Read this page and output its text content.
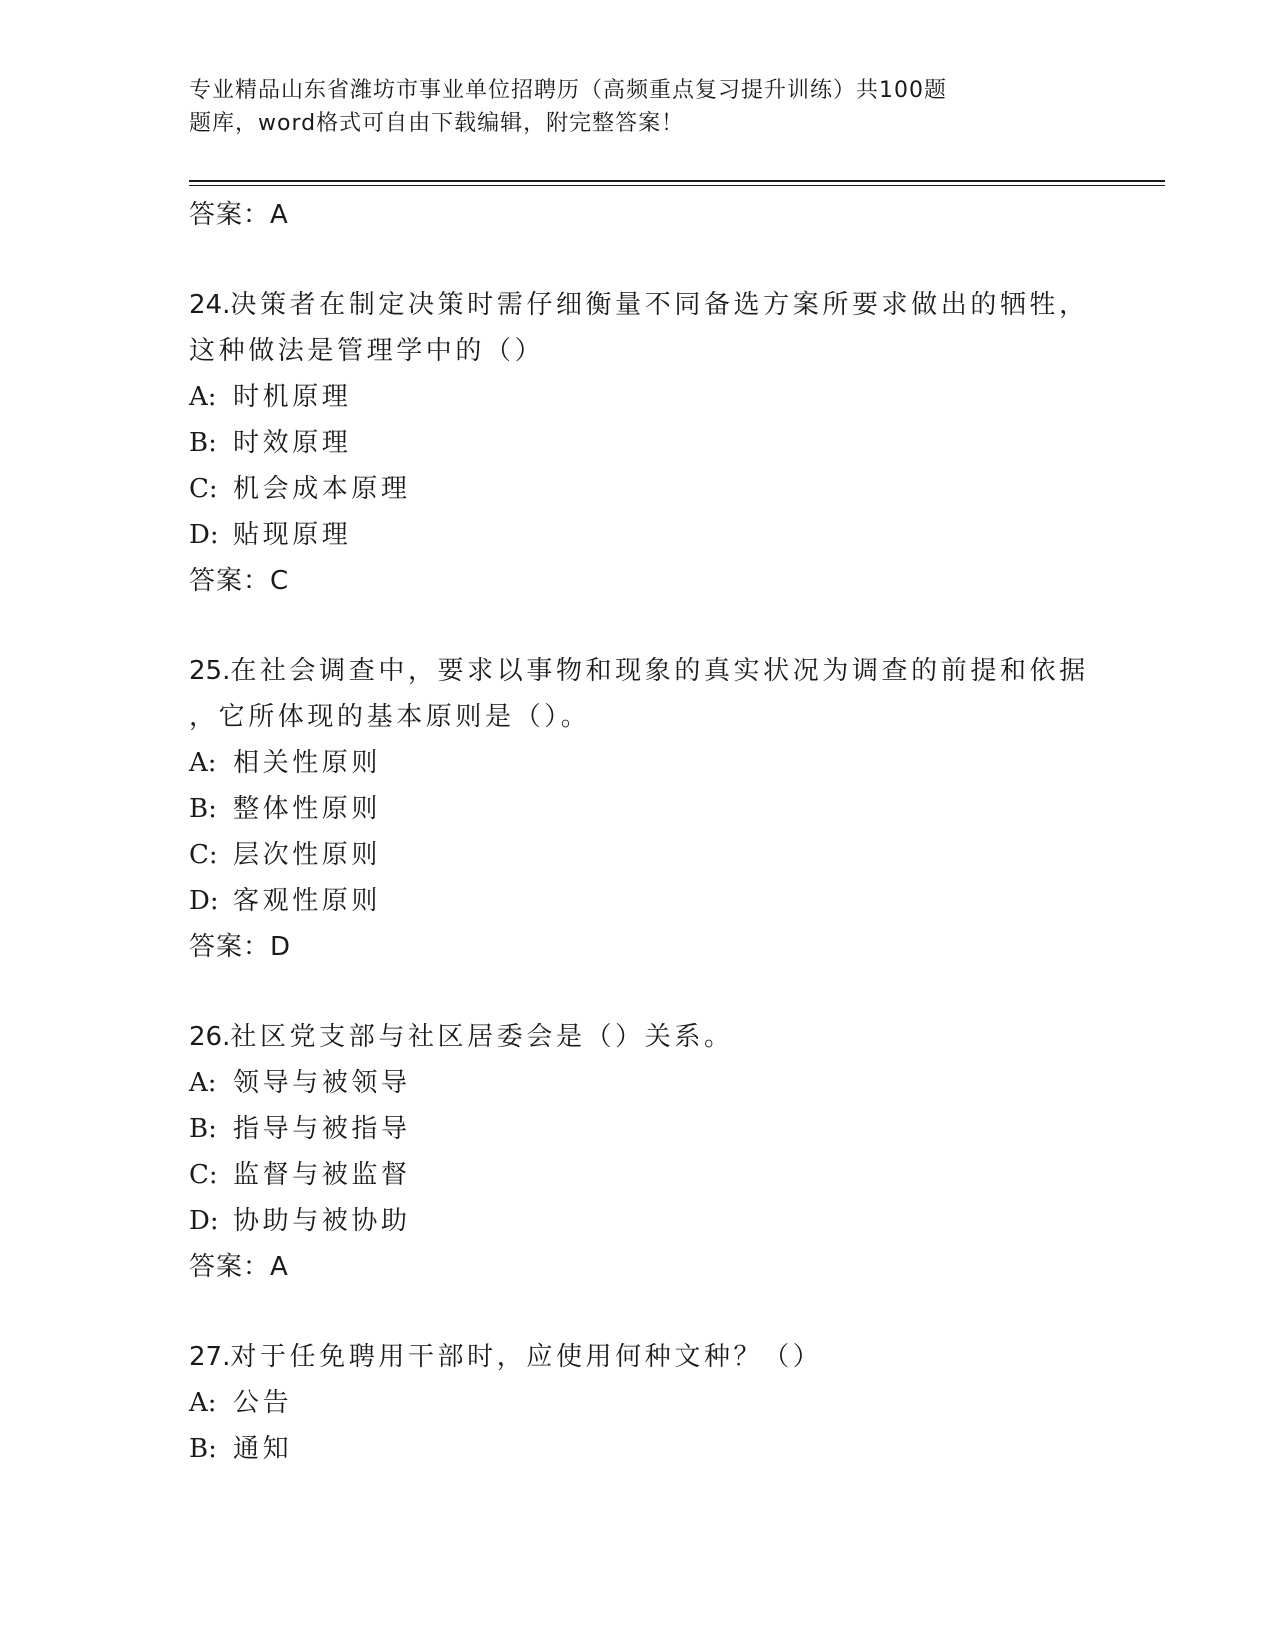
专业精品山东省潍坊市事业单位招聘历（高频重点复习提升训练）共100题
题库，word格式可自由下载编辑，附完整答案！
答案：A
24.决策者在制定决策时需仔细衡量不同备选方案所要求做出的牺牲，
这种做法是管理学中的（）
A: 时机原理
B: 时效原理
C: 机会成本原理
D: 贴现原理
答案：C
25.在社会调查中，要求以事物和现象的真实状况为调查的前提和依据
，它所体现的基本原则是（）。
A: 相关性原则
B: 整体性原则
C: 层次性原则
D: 客观性原则
答案：D
26.社区党支部与社区居委会是（）关系。
A: 领导与被领导
B: 指导与被指导
C: 监督与被监督
D: 协助与被协助
答案：A
27.对于任免聘用干部时，应使用何种文种？（）
A: 公告
B: 通知
